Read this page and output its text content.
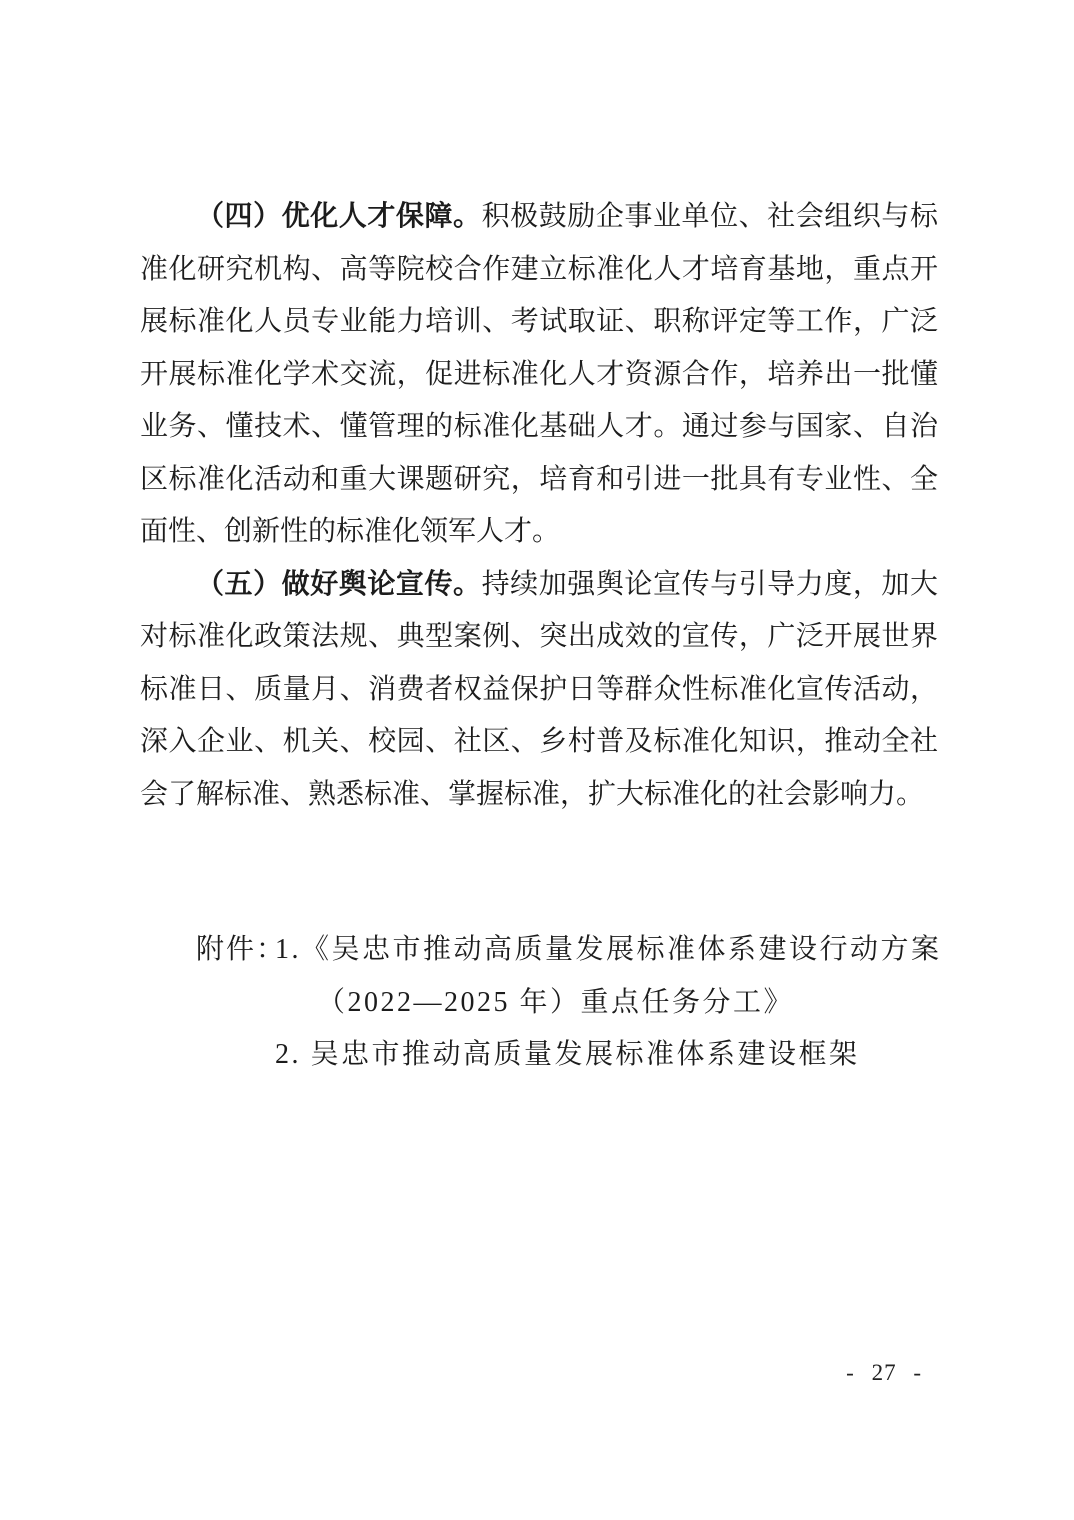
（四）优化人才保障。积极鼓励企事业单位、社会组织与标准化研究机构、高等院校合作建立标准化人才培育基地，重点开展标准化人员专业能力培训、考试取证、职称评定等工作，广泛开展标准化学术交流，促进标准化人才资源合作，培养出一批懂业务、懂技术、懂管理的标准化基础人才。通过参与国家、自治区标准化活动和重大课题研究，培育和引进一批具有专业性、全面性、创新性的标准化领军人才。

（五）做好舆论宣传。持续加强舆论宣传与引导力度，加大对标准化政策法规、典型案例、突出成效的宣传，广泛开展世界标准日、质量月、消费者权益保护日等群众性标准化宣传活动，深入企业、机关、校园、社区、乡村普及标准化知识，推动全社会了解标准、熟悉标准、掌握标准，扩大标准化的社会影响力。

附件：
1.《吴忠市推动高质量发展标准体系建设行动方案
（2022—2025 年）重点任务分工》
2. 吴忠市推动高质量发展标准体系建设框架
- 27 -
